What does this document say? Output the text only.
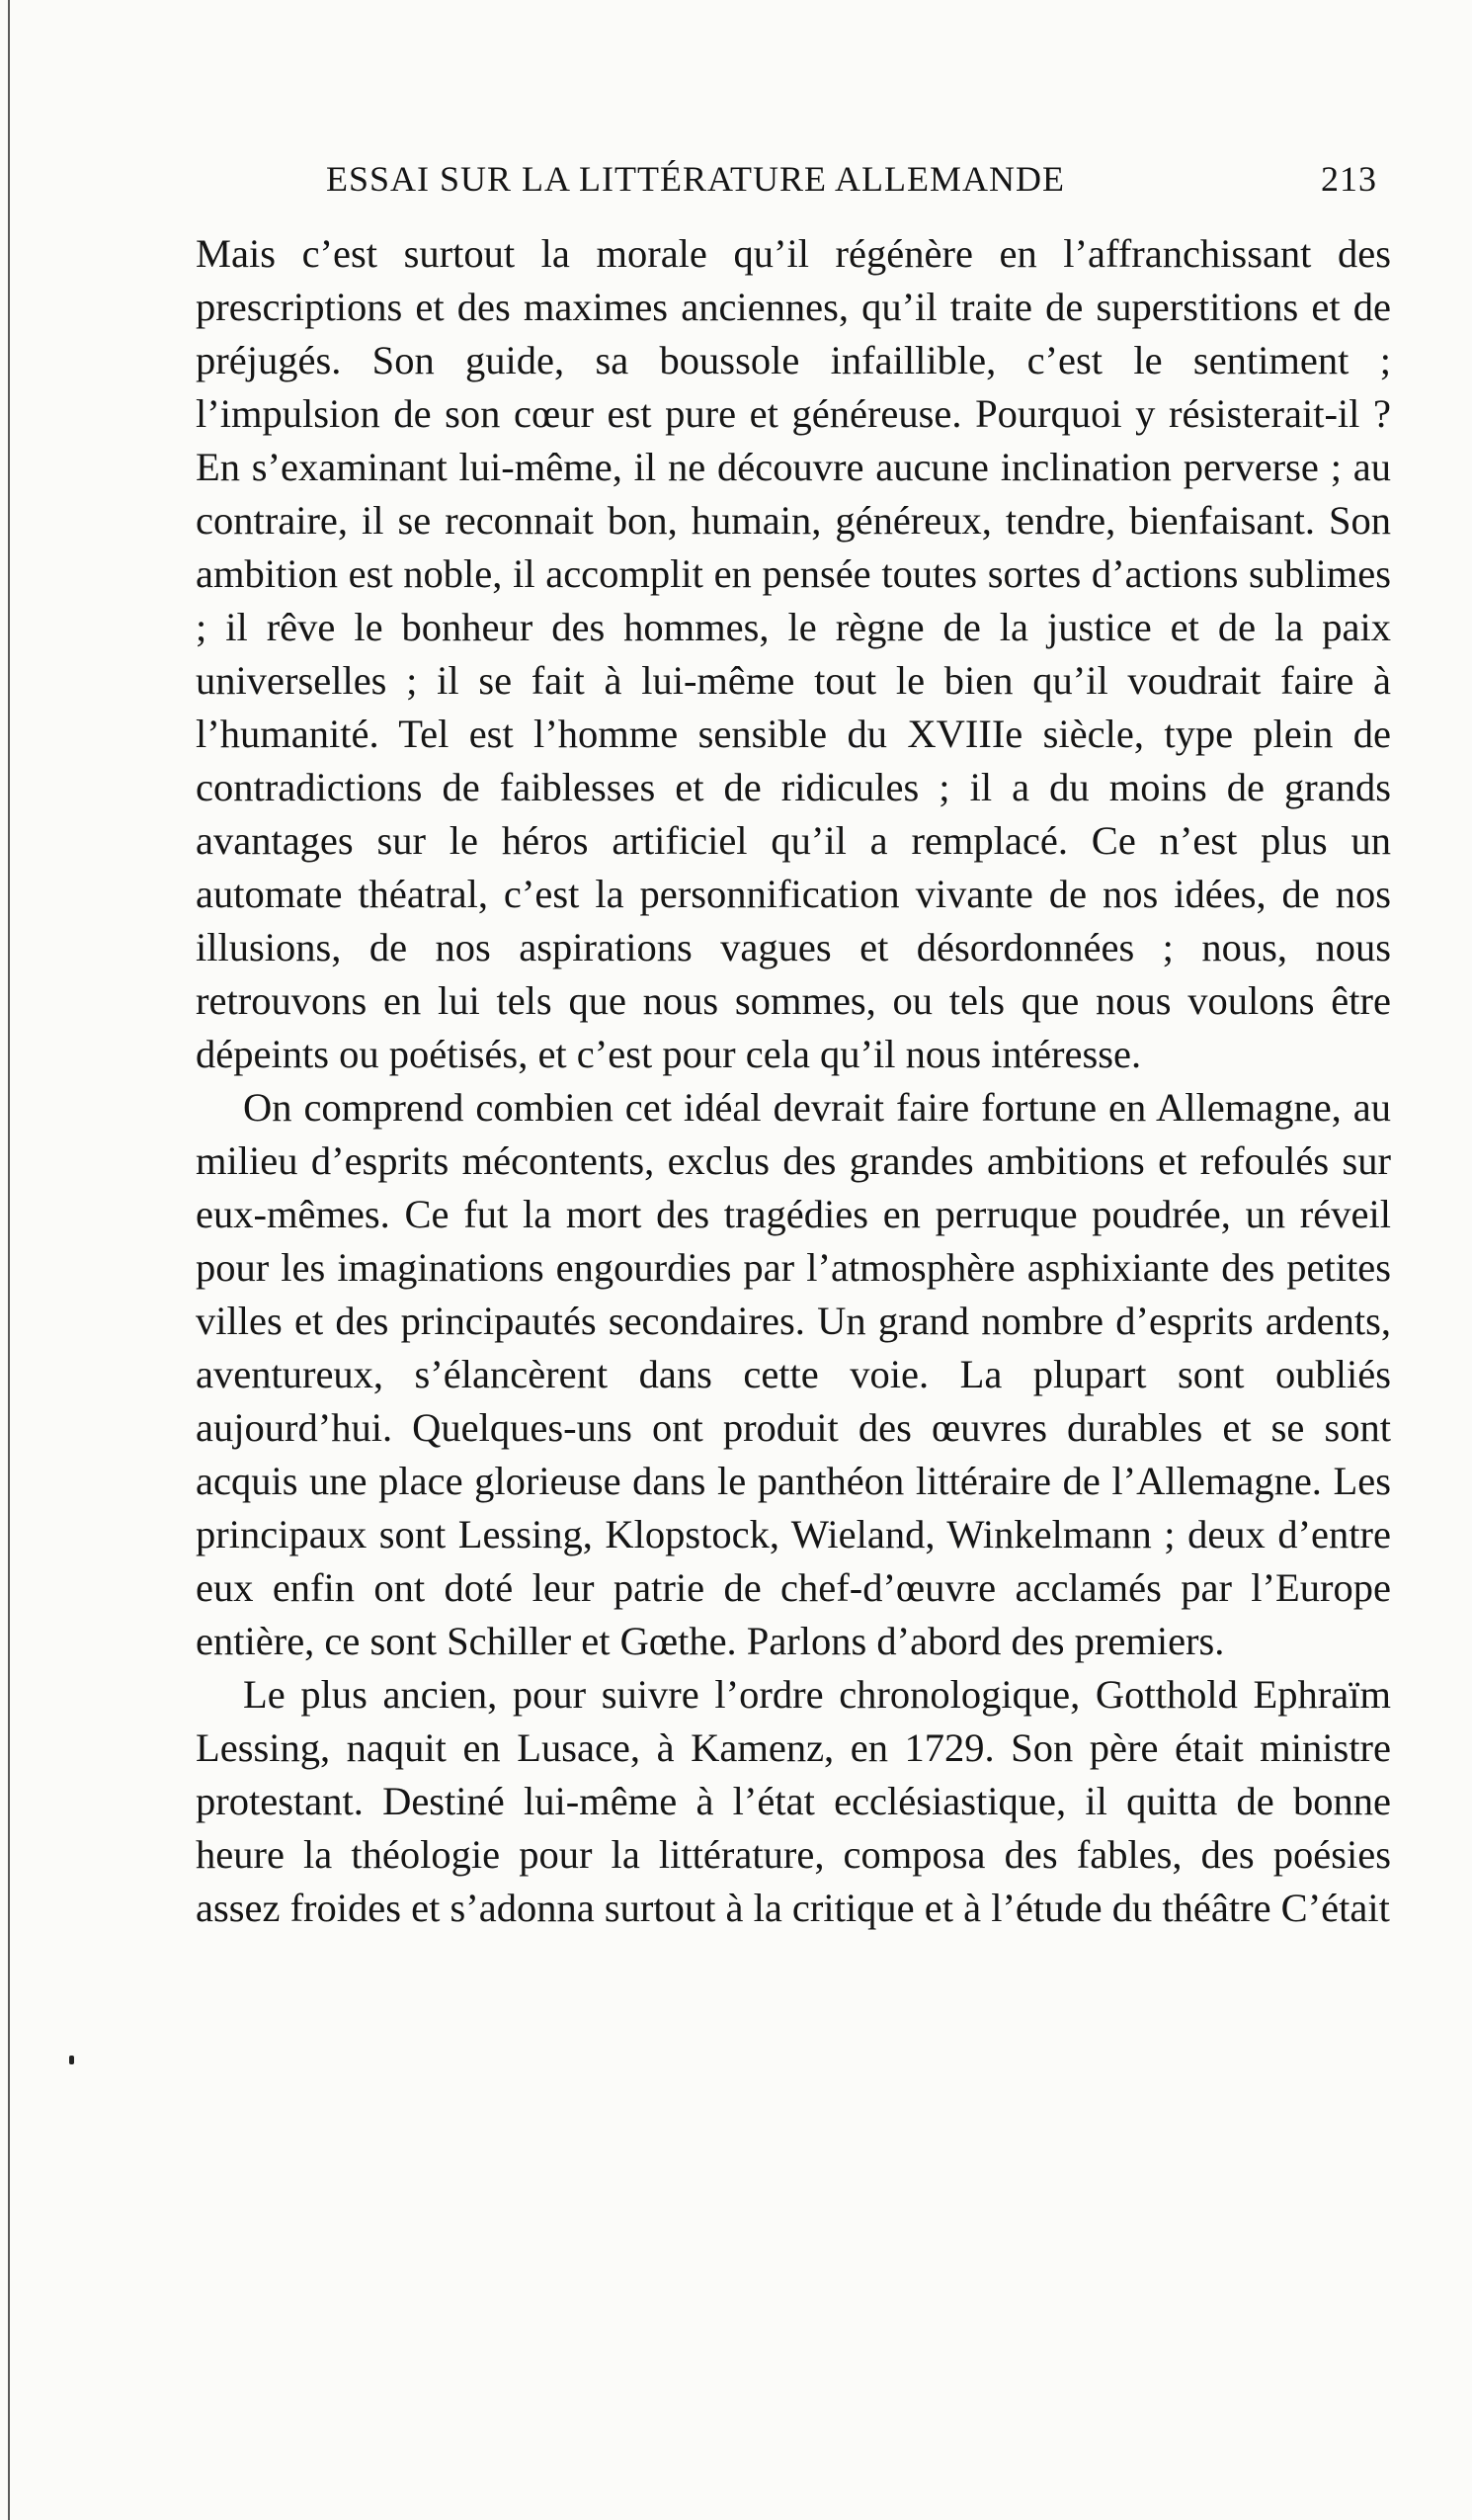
ESSAI SUR LA LITTÉRATURE ALLEMANDE	213

Mais c’est surtout la morale qu’il régénère en l’affranchissant des prescriptions et des maximes anciennes, qu’il traite de superstitions et de préjugés. Son guide, sa boussole infaillible, c’est le sentiment ; l’impulsion de son cœur est pure et généreuse. Pourquoi y résisterait-il ? En s’examinant lui-même, il ne découvre aucune inclination perverse ; au contraire, il se reconnait bon, humain, généreux, tendre, bienfaisant. Son ambition est noble, il accomplit en pensée toutes sortes d’actions sublimes ; il rêve le bonheur des hommes, le règne de la justice et de la paix universelles ; il se fait à lui-même tout le bien qu’il voudrait faire à l’humanité. Tel est l’homme sensible du XVIIIe siècle, type plein de contradictions de faiblesses et de ridicules ; il a du moins de grands avantages sur le héros artificiel qu’il a remplacé. Ce n’est plus un automate théatral, c’est la personnification vivante de nos idées, de nos illusions, de nos aspirations vagues et désordonnées ; nous, nous retrouvons en lui tels que nous sommes, ou tels que nous voulons être dépeints ou poétisés, et c’est pour cela qu’il nous intéresse.

On comprend combien cet idéal devrait faire fortune en Allemagne, au milieu d’esprits mécontents, exclus des grandes ambitions et refoulés sur eux-mêmes. Ce fut la mort des tragédies en perruque poudrée, un réveil pour les imaginations engourdies par l’atmosphère asphixiante des petites villes et des principautés secondaires. Un grand nombre d’esprits ardents, aventureux, s’élancèrent dans cette voie. La plupart sont oubliés aujourd’hui. Quelques-uns ont produit des œuvres durables et se sont acquis une place glorieuse dans le panthéon littéraire de l’Allemagne. Les principaux sont Lessing, Klopstock, Wieland, Winkelmann ; deux d’entre eux enfin ont doté leur patrie de chef-d’œuvre acclamés par l’Europe entière, ce sont Schiller et Gœthe. Parlons d’abord des premiers.

Le plus ancien, pour suivre l’ordre chronologique, Gotthold Ephraïm Lessing, naquit en Lusace, à Kamenz, en 1729. Son père était ministre protestant. Destiné lui-même à l’état ecclésiastique, il quitta de bonne heure la théologie pour la littérature, composa des fables, des poésies assez froides et s’adonna surtout à la critique et à l’étude du théâtre C’était
